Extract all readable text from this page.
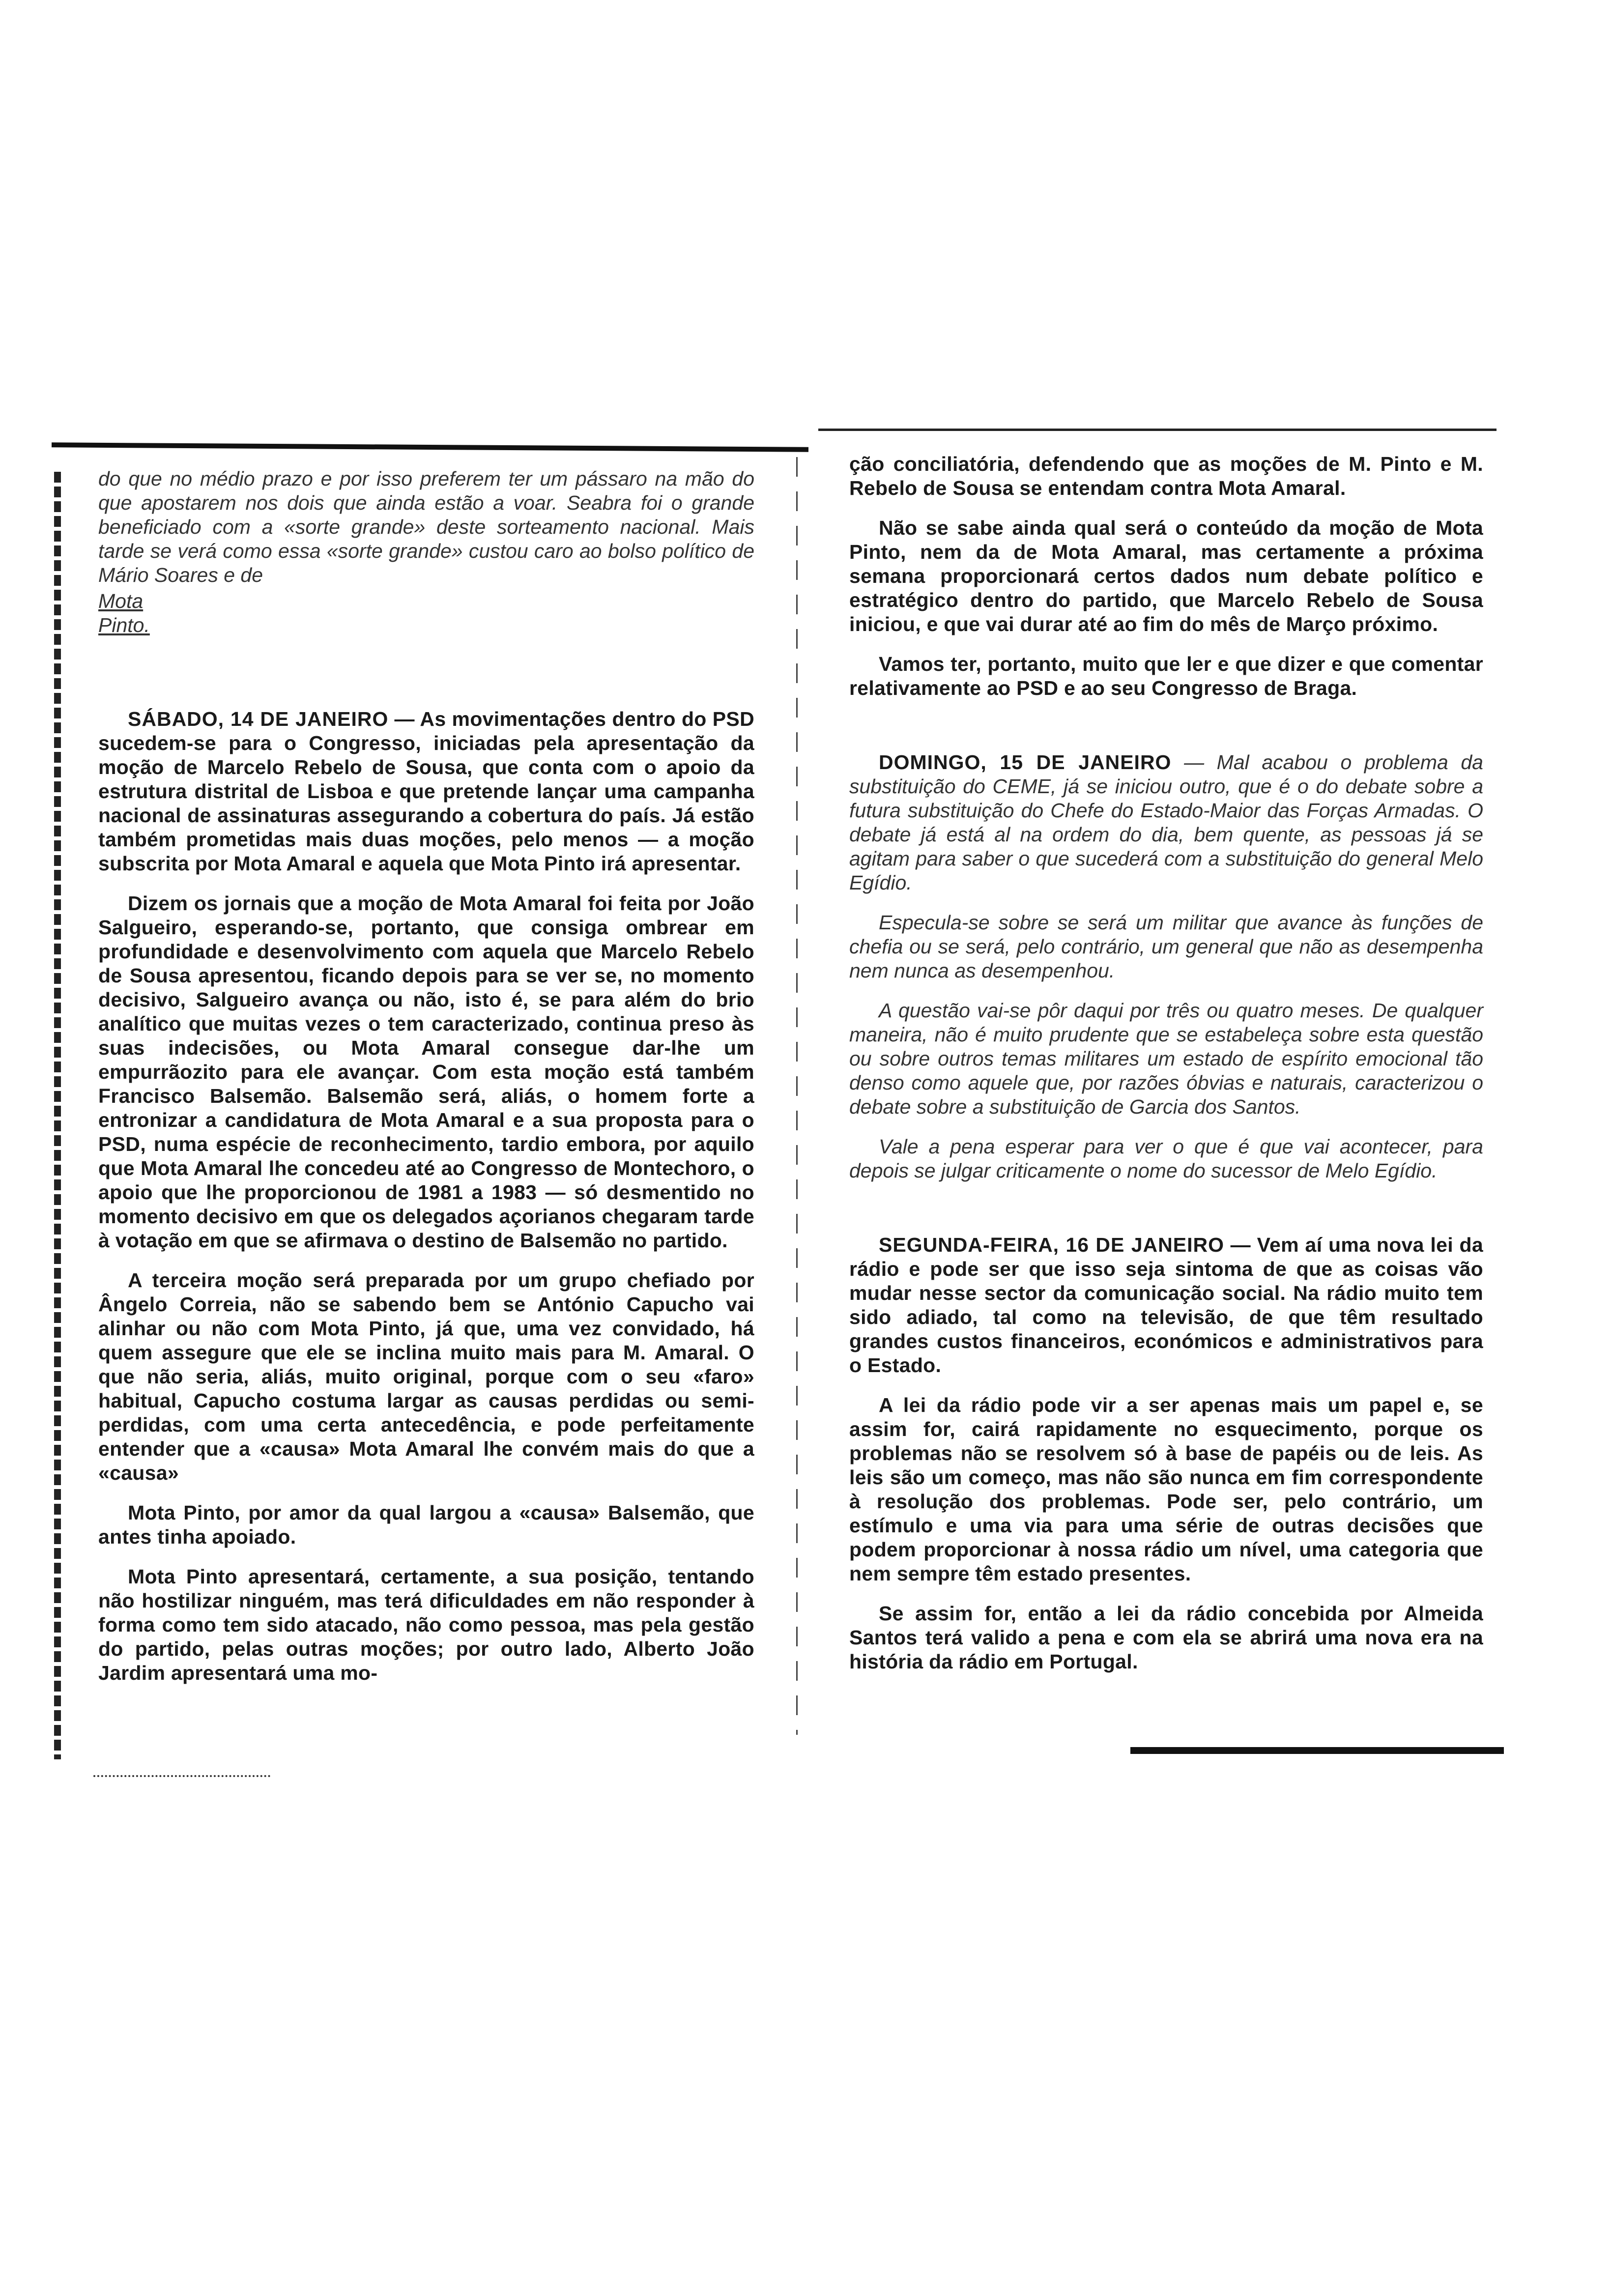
do que no médio prazo e por isso preferem ter um pássaro na mão do que apostarem nos dois que ainda estão a voar. Seabra foi o grande beneficiado com a «sorte grande» deste sorteamento nacional. Mais tarde se verá como essa «sorte grande» custou caro ao bolso político de Mário Soares e de
Mota Pinto.

SÁBADO, 14 DE JANEIRO — As movimentações dentro do PSD sucedem-se para o Congresso, iniciadas pela apresentação da moção de Marcelo Rebelo de Sousa, que conta com o apoio da estrutura distrital de Lisboa e que pretende lançar uma campanha nacional de assinaturas assegurando a cobertura do país. Já estão também prometidas mais duas moções, pelo menos — a moção subscrita por Mota Amaral e aquela que Mota Pinto irá apresentar.

Dizem os jornais que a moção de Mota Amaral foi feita por João Salgueiro, esperando-se, portanto, que consiga ombrear em profundidade e desenvolvimento com aquela que Marcelo Rebelo de Sousa apresentou, ficando depois para se ver se, no momento decisivo, Salgueiro avança ou não, isto é, se para além do brio analítico que muitas vezes o tem caracterizado, continua preso às suas indecisões, ou Mota Amaral consegue dar-lhe um empurrãozito para ele avançar. Com esta moção está também Francisco Balsemão. Balsemão será, aliás, o homem forte a entronizar a candidatura de Mota Amaral e a sua proposta para o PSD, numa espécie de reconhecimento, tardio embora, por aquilo que Mota Amaral lhe concedeu até ao Congresso de Montechoro, o apoio que lhe proporcionou de 1981 a 1983 — só desmentido no momento decisivo em que os delegados açorianos chegaram tarde à votação em que se afirmava o destino de Balsemão no partido.

A terceira moção será preparada por um grupo chefiado por Ângelo Correia, não se sabendo bem se António Capucho vai alinhar ou não com Mota Pinto, já que, uma vez convidado, há quem assegure que ele se inclina muito mais para M. Amaral. O que não seria, aliás, muito original, porque com o seu «faro» habitual, Capucho costuma largar as causas perdidas ou semi-perdidas, com uma certa antecedência, e pode perfeitamente entender que a «causa» Mota Amaral lhe convém mais do que a «causa»

Mota Pinto, por amor da qual largou a «causa» Balsemão, que antes tinha apoiado.

Mota Pinto apresentará, certamente, a sua posição, tentando não hostilizar ninguém, mas terá dificuldades em não responder à forma como tem sido atacado, não como pessoa, mas pela gestão do partido, pelas outras moções; por outro lado, Alberto João Jardim apresentará uma mo-

ção conciliatória, defendendo que as moções de M. Pinto e M. Rebelo de Sousa se entendam contra Mota Amaral.

Não se sabe ainda qual será o conteúdo da moção de Mota Pinto, nem da de Mota Amaral, mas certamente a próxima semana proporcionará certos dados num debate político e estratégico dentro do partido, que Marcelo Rebelo de Sousa iniciou, e que vai durar até ao fim do mês de Março próximo.

Vamos ter, portanto, muito que ler e que dizer e que comentar relativamente ao PSD e ao seu Congresso de Braga.

DOMINGO, 15 DE JANEIRO — Mal acabou o problema da substituição do CEME, já se iniciou outro, que é o do debate sobre a futura substituição do Chefe do Estado-Maior das Forças Armadas. O debate já está al na ordem do dia, bem quente, as pessoas já se agitam para saber o que sucederá com a substituição do general Melo Egídio.

Especula-se sobre se será um militar que avance às funções de chefia ou se será, pelo contrário, um general que não as desempenha nem nunca as desempenhou.

A questão vai-se pôr daqui por três ou quatro meses. De qualquer maneira, não é muito prudente que se estabeleça sobre esta questão ou sobre outros temas militares um estado de espírito emocional tão denso como aquele que, por razões óbvias e naturais, caracterizou o debate sobre a substituição de Garcia dos Santos.

Vale a pena esperar para ver o que é que vai acontecer, para depois se julgar criticamente o nome do sucessor de Melo Egídio.

SEGUNDA-FEIRA, 16 DE JANEIRO — Vem aí uma nova lei da rádio e pode ser que isso seja sintoma de que as coisas vão mudar nesse sector da comunicação social. Na rádio muito tem sido adiado, tal como na televisão, de que têm resultado grandes custos financeiros, económicos e administrativos para o Estado.

A lei da rádio pode vir a ser apenas mais um papel e, se assim for, cairá rapidamente no esquecimento, porque os problemas não se resolvem só à base de papéis ou de leis. As leis são um começo, mas não são nunca em fim correspondente à resolução dos problemas. Pode ser, pelo contrário, um estímulo e uma via para uma série de outras decisões que podem proporcionar à nossa rádio um nível, uma categoria que nem sempre têm estado presentes.

Se assim for, então a lei da rádio concebida por Almeida Santos terá valido a pena e com ela se abrirá uma nova era na história da rádio em Portugal.
